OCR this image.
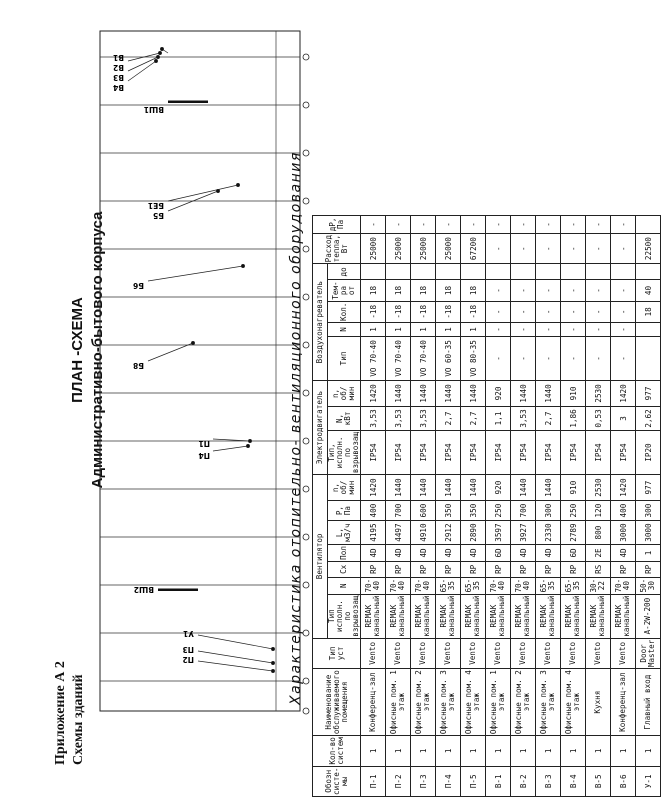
Приложение А 2 Схемы зданий
ПЛАН -СХЕМА Административно-бытового корпуса
П2
П3
У1
ВШ2
П4
П1
Б8
Б6
Б5
БЕ1
ВШ1
В4
В3
В2
В1
Характеристика отопительно- вентиляционного оборудования
Обозн систе-мы	Кол-во систем	Наименование обслуживаемого помещения	Тип уст	Вентилятор							Электродвигатель			Воздухонагреватель					Расход тепла, Вт	дP, Па
				Тип исполн. по взрывозащ	N	Сх	Пол	L, м3/ч	P, Па	n, об/мин	Тип, исполн. по взрывозащ	N, кВт	n, об/мин	Тип	N	Кол.	Тем-ра от	до		
П-1	1	Конференц-зал	Vento	REMAK канальный	70-40	RP	4D	4195	400	1420	IP54	3,53	1420	VO 70-40	1	-18	18		25000	-
П-2	1	Офисные пом. 1 этаж	Vento	REMAK канальный	70-40	RP	4D	4497	700	1440	IP54	3,53	1440	VO 70-40	1	-18	18		25000	-
П-3	1	Офисные пом. 2 этаж	Vento	REMAK канальный	70-40	RP	4D	4910	600	1440	IP54	3,53	1440	VO 70-40	1	-18	18		25000	-
П-4	1	Офисные пом. 3 этаж	Vento	REMAK канальный	65-35	RP	4D	2912	350	1440	IP54	2,7	1440	VO 60-35	1	-18	18		25000	-
П-5	1	Офисные пом. 4 этаж	Vento	REMAK канальный	65-35	RP	4D	2890	350	1440	IP54	2,7	1440	VO 80-35	1	-18	18		67200	-
В-1	1	Офисные пом. 1 этаж	Vento	REMAK канальный	70-40	RP	6D	3597	250	920	IP54	1,1	920	-	-	-	-		-	-
В-2	1	Офисные пом. 2 этаж	Vento	REMAK канальный	70-40	RP	4D	3927	700	1440	IP54	3,53	1440	-	-	-	-		-	-
В-3	1	Офисные пом. 3 этаж	Vento	REMAK канальный	65-35	RP	4D	2330	300	1440	IP54	2,7	1440	-	-	-	-		-	-
В-4	1	Офисные пом. 4 этаж	Vento	REMAK канальный	65-35	RP	6D	2789	250	910	IP54	1,86	910	-	-	-	-		-	-
В-5	1	Кухня	Vento	REMAK канальный	30-22	RS	2E	800	120	2530	IP54	0,53	2530	-	-	-	-		-	-
В-6	1	Конференц-зал	Vento	REMAK канальный	70-40	RP	4D	3000	400	1420	IP54	3	1420	-	-	-	-		-	-
У-1	1	Главный вход	Door Master	A-2W-200	50-30	RP	1	3000	300	977	IP20	2,62	977			18	40		22500	
